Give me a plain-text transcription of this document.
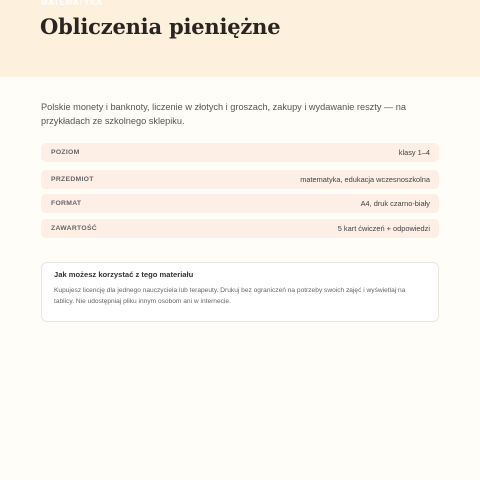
MATEMATYKA
Obliczenia pieniężne

Polskie monety i banknoty, liczenie w złotych i groszach, zakupy i wydawanie reszty — na przykładach ze szkolnego sklepiku.

POZIOM	klasy 1–4
PRZEDMIOT	matematyka, edukacja wczesnoszkolna
FORMAT	A4, druk czarno-biały
ZAWARTOŚĆ	5 kart ćwiczeń + odpowiedzi
Jak możesz korzystać z tego materiału

Kupujesz licencję dla jednego nauczyciela lub terapeuty. Drukuj bez ograniczeń na potrzeby swoich zajęć i wyświetlaj na tablicy. Nie udostępniaj pliku innym osobom ani w internecie.
